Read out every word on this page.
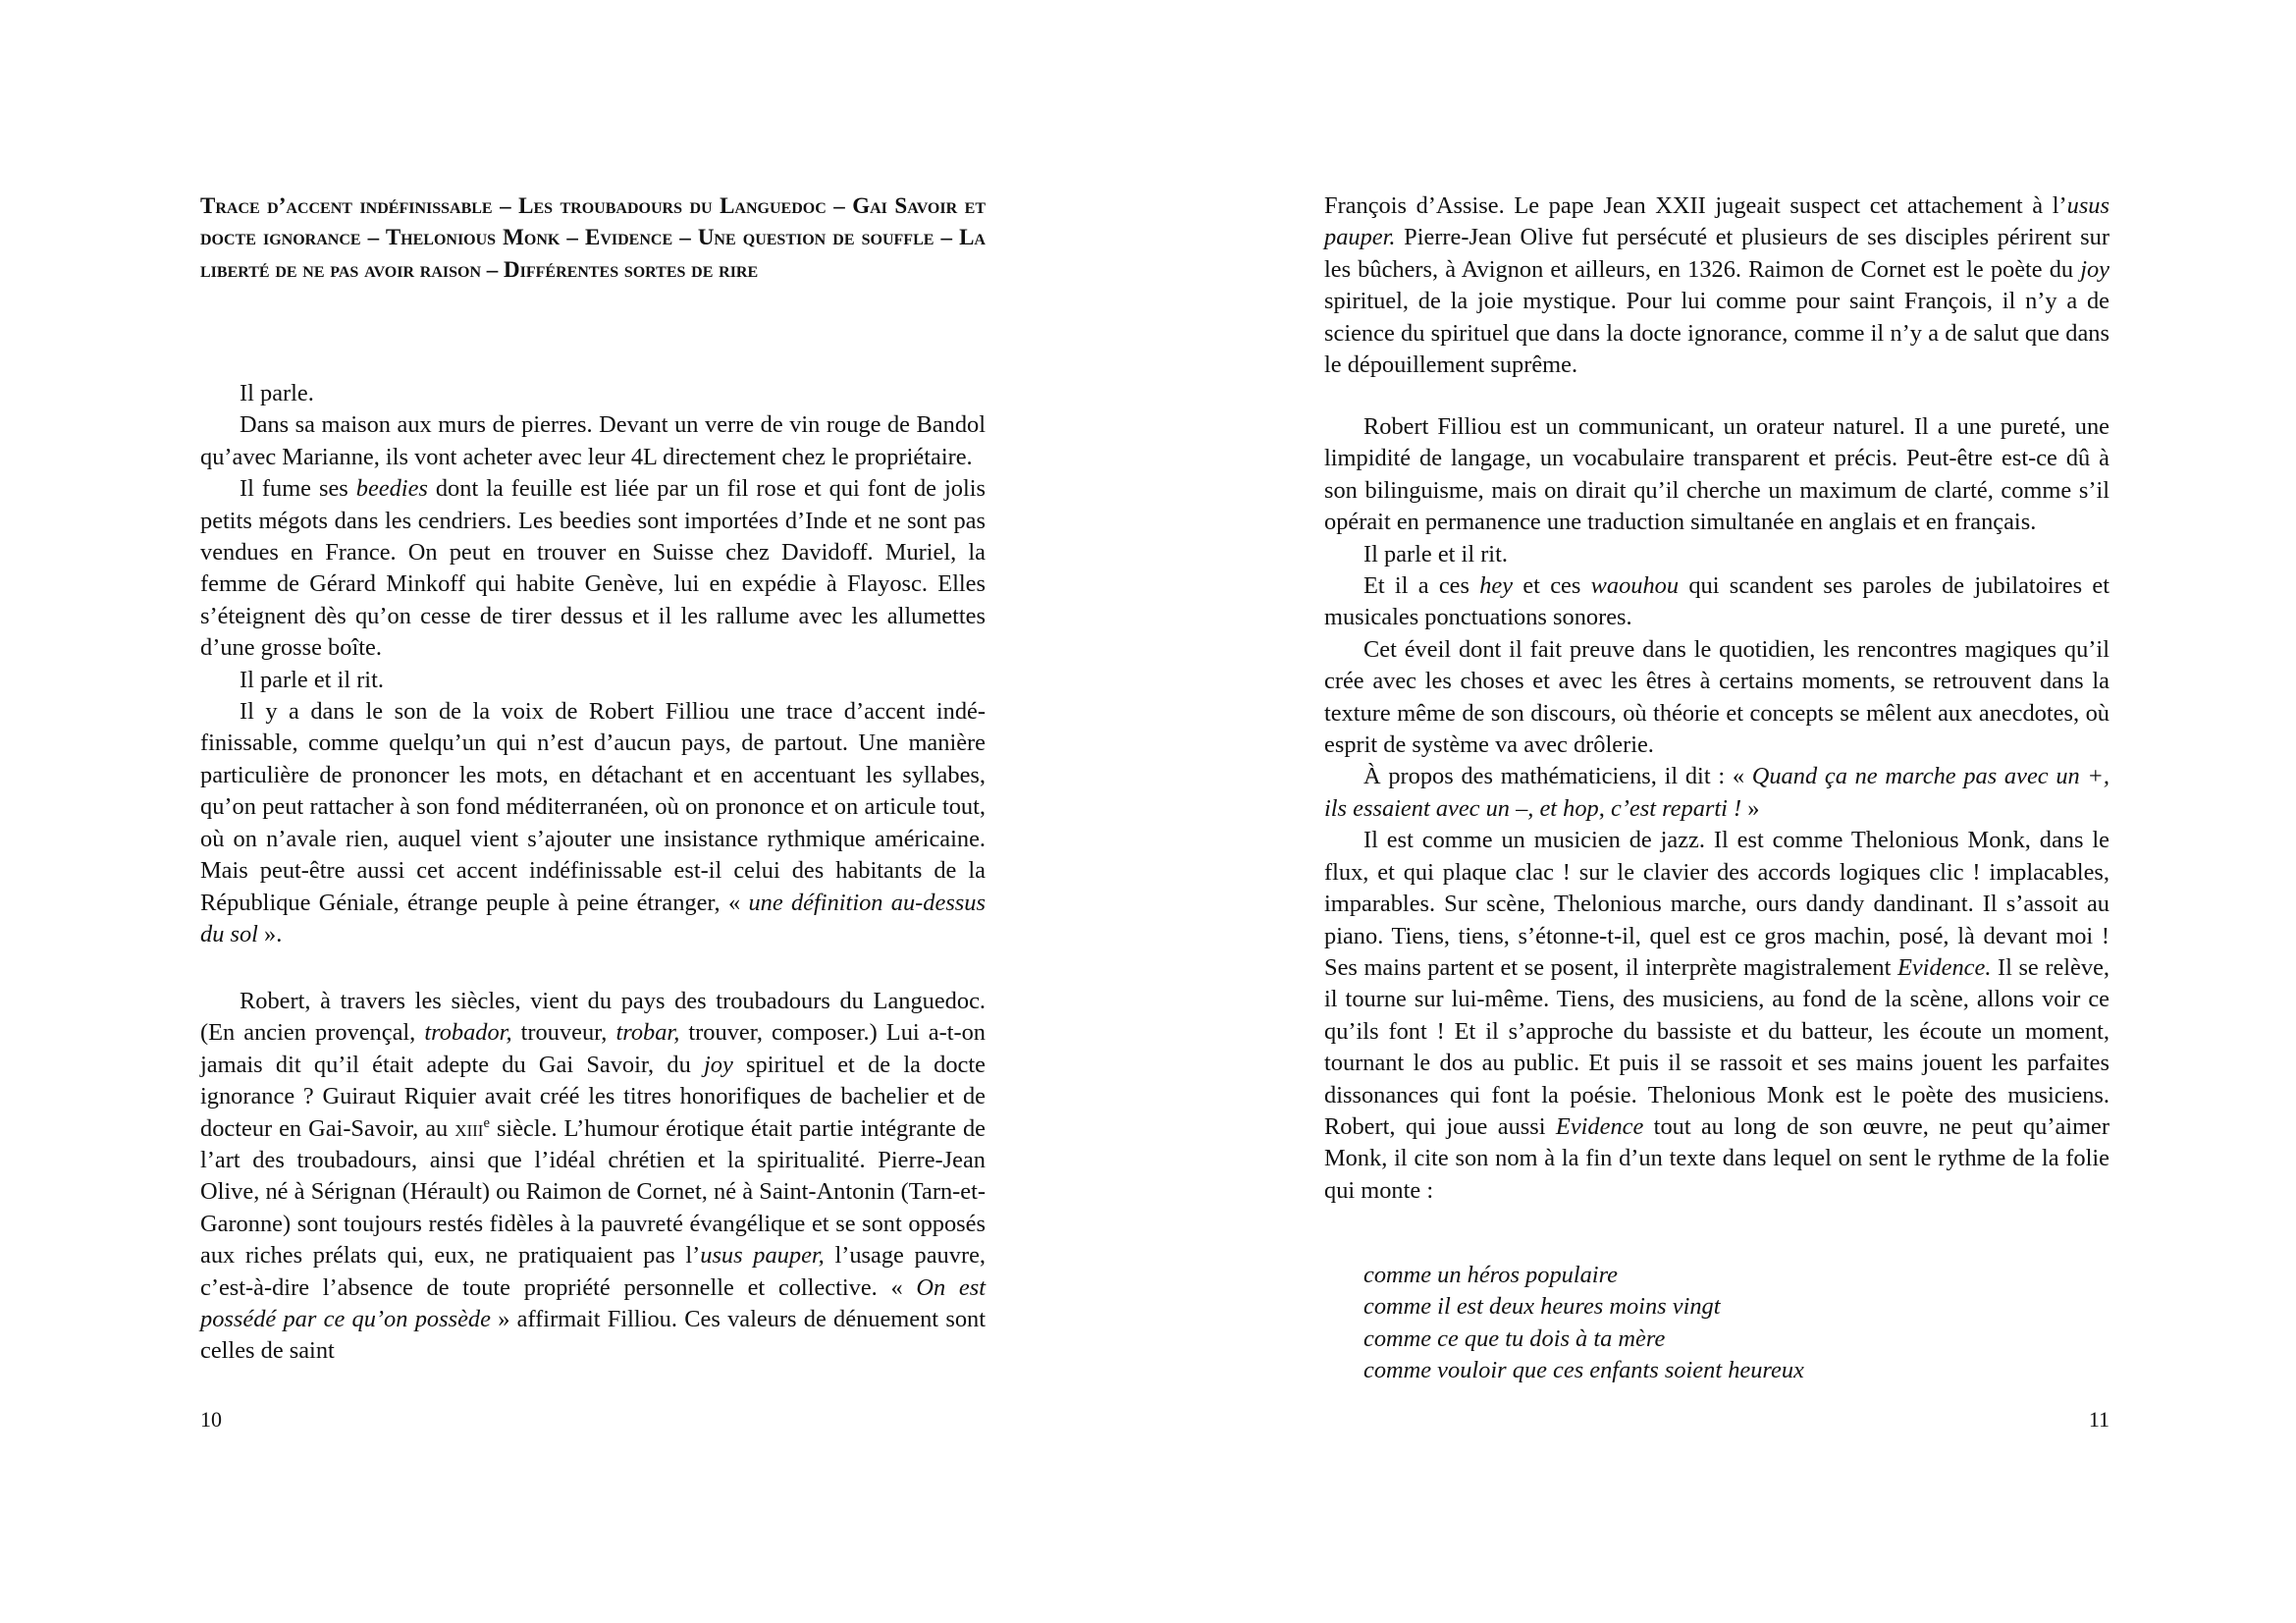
Trace d’accent indéfinissable – Les troubadours du Languedoc – Gai Savoir et docte ignorance – Thelonious Monk – Evidence – Une question de souffle – La liberté de ne pas avoir raison – Différentes sortes de rire

Il parle.

Dans sa maison aux murs de pierres. Devant un verre de vin rouge de Bandol qu’avec Marianne, ils vont acheter avec leur 4L directement chez le propriétaire.

Il fume ses beedies dont la feuille est liée par un fil rose et qui font de jolis petits mégots dans les cendriers. Les beedies sont importées d’Inde et ne sont pas vendues en France. On peut en trouver en Suisse chez Davidoff. Muriel, la femme de Gérard Minkoff qui habite Genève, lui en expédie à Flayosc. Elles s’éteignent dès qu’on cesse de tirer dessus et il les rallume avec les allumettes d’une grosse boîte.

Il parle et il rit.

Il y a dans le son de la voix de Robert Filliou une trace d’accent indéfinissable, comme quelqu’un qui n’est d’aucun pays, de partout. Une manière particulière de prononcer les mots, en détachant et en accentuant les syllabes, qu’on peut rattacher à son fond méditerranéen, où on prononce et on articule tout, où on n’avale rien, auquel vient s’ajouter une insistance rythmique américaine. Mais peut-être aussi cet accent indéfinissable est-il celui des habitants de la République Géniale, étrange peuple à peine étranger, « une définition au-dessus du sol ».

Robert, à travers les siècles, vient du pays des troubadours du Languedoc. (En ancien provençal, trobador, trouveur, trobar, trouver, composer.) Lui a-t-on jamais dit qu’il était adepte du Gai Savoir, du joy spirituel et de la docte ignorance ? Guiraut Riquier avait créé les titres honorifiques de bachelier et de docteur en Gai-Savoir, au xiii$^e$ siècle. L’humour érotique était partie intégrante de l’art des troubadours, ainsi que l’idéal chrétien et la spiritualité. Pierre-Jean Olive, né à Sérignan (Hérault) ou Raimon de Cornet, né à Saint-Antonin (Tarn-et-Garonne) sont toujours restés fidèles à la pauvreté évangélique et se sont opposés aux riches prélats qui, eux, ne pratiquaient pas l’usus pauper, l’usage pauvre, c’est-à-dire l’absence de toute propriété personnelle et collective. « On est possédé par ce qu’on possède » affirmait Filliou. Ces valeurs de dénuement sont celles de saint

10

François d’Assise. Le pape Jean XXII jugeait suspect cet attachement à l’usus pauper. Pierre-Jean Olive fut persécuté et plusieurs de ses disciples périrent sur les bûchers, à Avignon et ailleurs, en 1326. Raimon de Cornet est le poète du joy spirituel, de la joie mystique. Pour lui comme pour saint François, il n’y a de science du spirituel que dans la docte ignorance, comme il n’y a de salut que dans le dépouillement suprême.

Robert Filliou est un communicant, un orateur naturel. Il a une pureté, une limpidité de langage, un vocabulaire transparent et précis. Peut-être est-ce dû à son bilinguisme, mais on dirait qu’il cherche un maximum de clarté, comme s’il opérait en permanence une traduction simultanée en anglais et en français.

Il parle et il rit.

Et il a ces hey et ces waouhou qui scandent ses paroles de jubilatoires et musicales ponctuations sonores.

Cet éveil dont il fait preuve dans le quotidien, les rencontres magiques qu’il crée avec les choses et avec les êtres à certains moments, se retrouvent dans la texture même de son discours, où théorie et concepts se mêlent aux anecdotes, où esprit de système va avec drôlerie.

À propos des mathématiciens, il dit : « Quand ça ne marche pas avec un +, ils essaient avec un –, et hop, c’est reparti ! »

Il est comme un musicien de jazz. Il est comme Thelonious Monk, dans le flux, et qui plaque clac ! sur le clavier des accords logiques clic ! implacables, imparables. Sur scène, Thelonious marche, ours dandy dandinant. Il s’assoit au piano. Tiens, tiens, s’étonne-t-il, quel est ce gros machin, posé, là devant moi ! Ses mains partent et se posent, il interprète magistralement Evidence. Il se relève, il tourne sur lui-même. Tiens, des musiciens, au fond de la scène, allons voir ce qu’ils font ! Et il s’approche du bassiste et du batteur, les écoute un moment, tournant le dos au public. Et puis il se rassoit et ses mains jouent les parfaites dissonances qui font la poésie. Thelonious Monk est le poète des musiciens. Robert, qui joue aussi Evidence tout au long de son œuvre, ne peut qu’aimer Monk, il cite son nom à la fin d’un texte dans lequel on sent le rythme de la folie qui monte :

comme un héros populaire

comme il est deux heures moins vingt

comme ce que tu dois à ta mère

comme vouloir que ces enfants soient heureux

11
